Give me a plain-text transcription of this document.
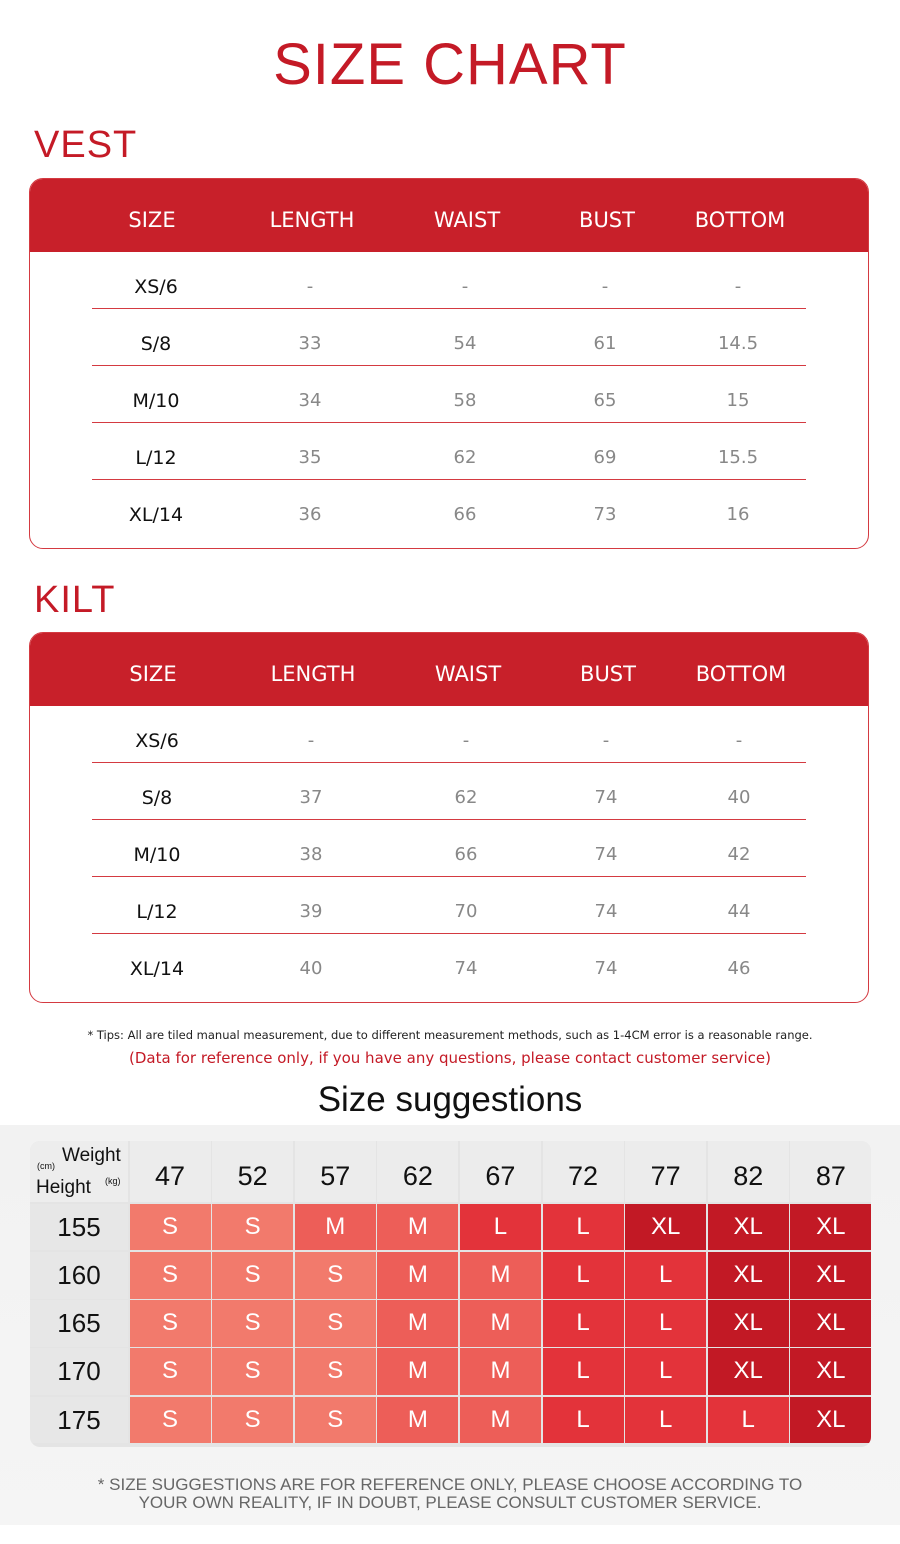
SIZE CHART
VEST
SIZE	LENGTH	WAIST	BUST	BOTTOM
XS/6	-	-	-	-
S/8	33	54	61	14.5
M/10	34	58	65	15
L/12	35	62	69	15.5
XL/14	36	66	73	16
KILT
SIZE	LENGTH	WAIST	BUST	BOTTOM
XS/6	-	-	-	-
S/8	37	62	74	40
M/10	38	66	74	42
L/12	39	70	74	44
XL/14	40	74	74	46
* Tips: All are tiled manual measurement, due to different measurement methods, such as 1-4CM error is a reasonable range.
(Data for reference only, if you have any questions, please contact customer service)
Size suggestions
Weight
Height
(cm)
(kg)	47	52	57	62	67	72	77	82	87
155	S	S	M	M	L	L	XL	XL	XL
160	S	S	S	M	M	L	L	XL	XL
165	S	S	S	M	M	L	L	XL	XL
170	S	S	S	M	M	L	L	XL	XL
175	S	S	S	M	M	L	L	L	XL
* SIZE SUGGESTIONS ARE FOR REFERENCE ONLY, PLEASE CHOOSE ACCORDING TO
YOUR OWN REALITY, IF IN DOUBT, PLEASE CONSULT CUSTOMER SERVICE.
